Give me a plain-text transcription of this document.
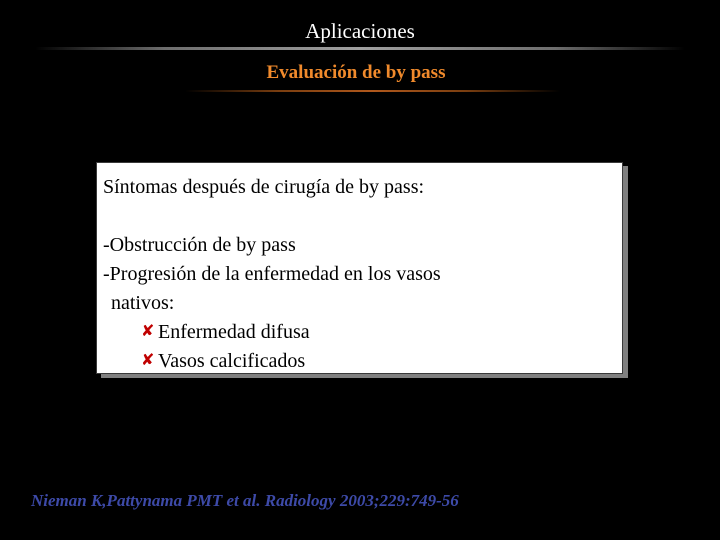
Aplicaciones
Evaluación de by pass
Síntomas después de cirugía de by pass:
-Obstrucción de by pass
-Progresión de la enfermedad en los vasos
nativos:
✘ Enfermedad difusa
✘ Vasos calcificados
Nieman K,Pattynama PMT et al. Radiology 2003;229:749-56
